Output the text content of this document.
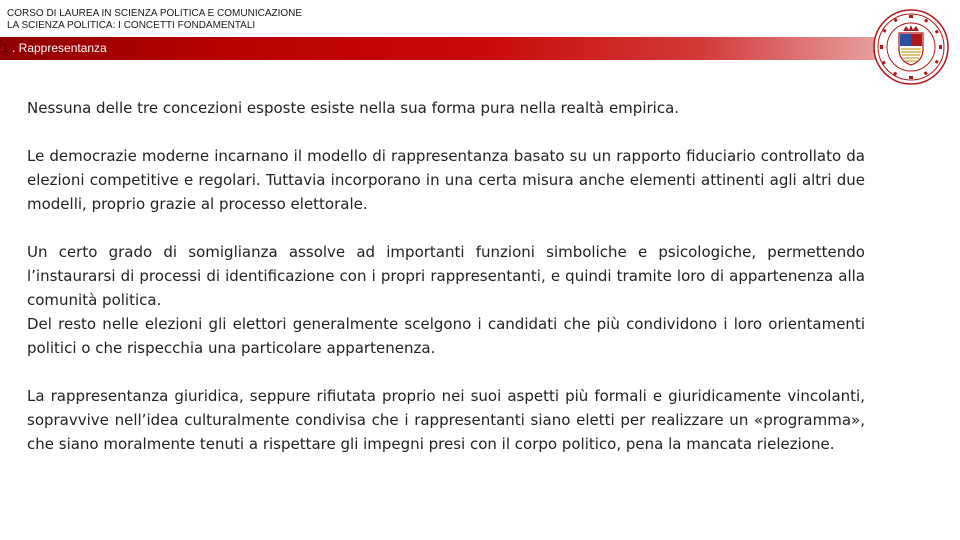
CORSO DI LAUREA IN SCIENZA POLITICA E COMUNICAZIONE
LA SCIENZA POLITICA: I CONCETTI FONDAMENTALI
1 . Rappresentanza

Nessuna delle tre concezioni esposte esiste nella sua forma pura nella realtà empirica.

Le democrazie moderne incarnano il modello di rappresentanza basato su un rapporto fiduciario controllato da elezioni competitive e regolari. Tuttavia incorporano in una certa misura anche elementi attinenti agli altri due modelli, proprio grazie al processo elettorale.

Un certo grado di somiglianza assolve ad importanti funzioni simboliche e psicologiche, permettendo l’instaurarsi di processi di identificazione con i propri rappresentanti, e quindi tramite loro di appartenenza alla comunità politica.

Del resto nelle elezioni gli elettori generalmente scelgono i candidati che più condividono i loro orientamenti politici o che rispecchia una particolare appartenenza.

La rappresentanza giuridica, seppure rifiutata proprio nei suoi aspetti più formali e giuridicamente vincolanti, sopravvive nell’idea culturalmente condivisa che i rappresentanti siano eletti per realizzare un «programma», che siano moralmente tenuti a rispettare gli impegni presi con il corpo politico, pena la mancata rielezione.
